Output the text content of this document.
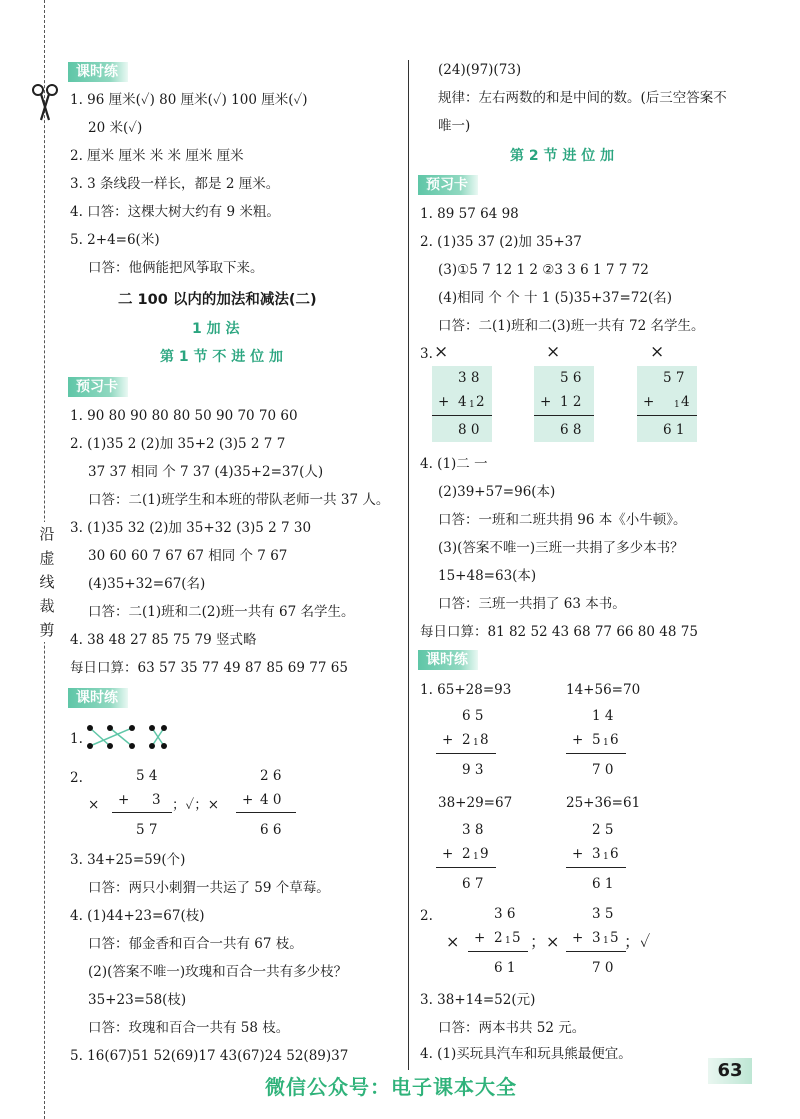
沿
虚
线
裁
剪
课时练
1. 96 厘米(✓) 80 厘米(✓) 100 厘米(✓)
20 米(✓)
2. 厘米 厘米 米 米 厘米 厘米
3. 3 条线段一样长，都是 2 厘米。
4. 口答：这棵大树大约有 9 米粗。
5. 2+4=6(米)
口答：他俩能把风筝取下来。
二 100 以内的加法和减法(二)
1 加 法
第 1 节 不 进 位 加
预习卡
1. 90 80 90 80 80 50 90 70 70 60
2. (1)35 2 (2)加 35+2 (3)5 2 7 7
37 37 相同 个 7 37 (4)35+2=37(人)
口答：二(1)班学生和本班的带队老师一共 37 人。
3. (1)35 32 (2)加 35+32 (3)5 2 7 30
30 60 60 7 67 67 相同 个 7 67
(4)35+32=67(名)
口答：二(1)班和二(2)班一共有 67 名学生。
4. 38 48 27 85 75 79 竖式略
每日口算：63 57 35 77 49 87 85 69 77 65
课时练
1.
2.
×
5 4
+ 3
5 7
；✓；×
2 6
+ 4 0
6 6
3. 34+25=59(个)
口答：两只小刺猬一共运了 59 个草莓。
4. (1)44+23=67(枝)
口答：郁金香和百合一共有 67 枝。
(2)(答案不唯一)玫瑰和百合一共有多少枝？
35+23=58(枝)
口答：玫瑰和百合一共有 58 枝。
5. 16(67)51 52(69)17 43(67)24 52(89)37
(24)(97)(73)
规律：左右两数的和是中间的数。(后三空答案不
唯一)
第 2 节 进 位 加
预习卡
1. 89 57 64 98
2. (1)35 37 (2)加 35+37
(3)①5 7 12 1 2 ②3 3 6 1 7 7 72
(4)相同 个 个 十 1 (5)35+37=72(名)
口答：二(1)班和二(3)班一共有 72 名学生。
3. ×	×	×
3 8
+ 4 1 2
8 0
5 6
+ 1 2
6 8
5 7
+ 1 4
6 1
4. (1)二 一
(2)39+57=96(本)
口答：一班和二班共捐 96 本《小牛顿》。
(3)(答案不唯一)三班一共捐了多少本书？
15+48=63(本)
口答：三班一共捐了 63 本书。
每日口算：81 82 52 43 68 77 66 80 48 75
课时练
1. 65+28=93	14+56=70
6 5
+ 2 1 8
9 3
1 4
+ 5 1 6
7 0
38+29=67	25+36=61
3 8
+ 2 1 9
6 7
2 5
+ 3 1 6
6 1
2.
×
3 6
+ 2 1 5
6 1
；×
3 5
+ 3 1 5
7 0
；✓
3. 38+14=52(元)
口答：两本书共 52 元。
4. (1)买玩具汽车和玩具熊最便宜。
63
微信公众号：电子课本大全
